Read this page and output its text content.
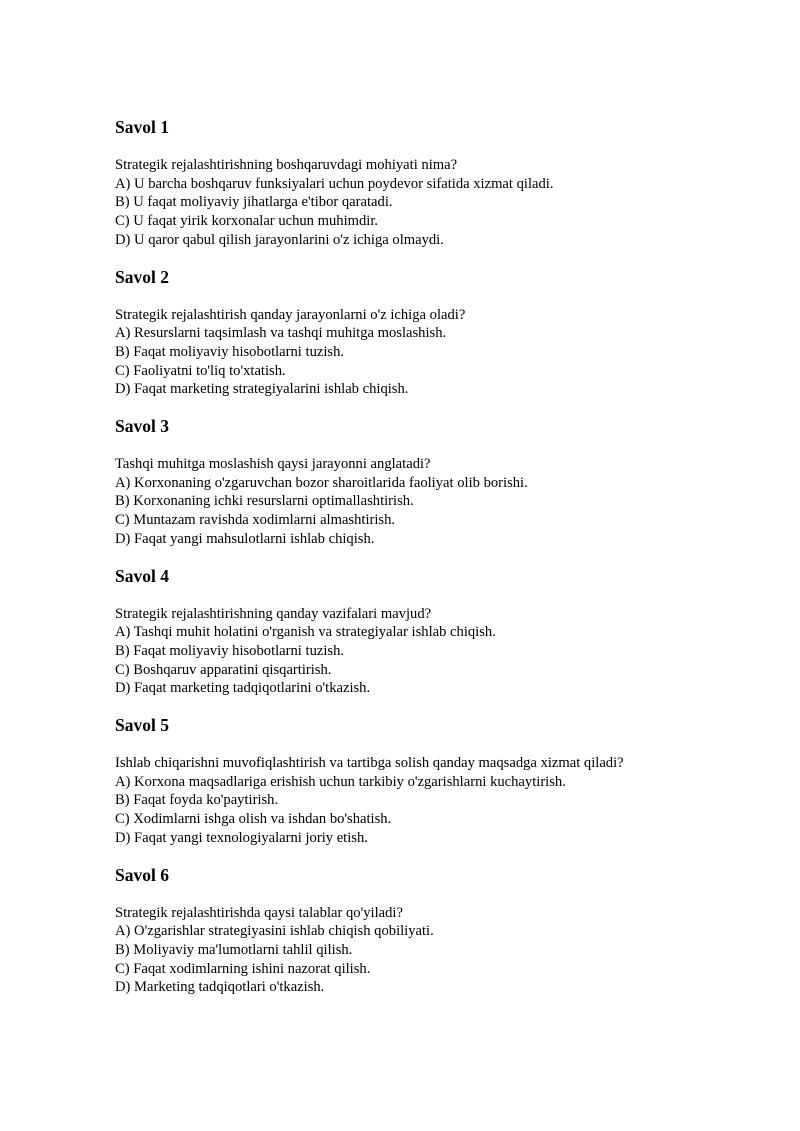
Savol 1

Strategik rejalashtirishning boshqaruvdagi mohiyati nima?

A) U barcha boshqaruv funksiyalari uchun poydevor sifatida xizmat qiladi.

B) U faqat moliyaviy jihatlarga e'tibor qaratadi.

C) U faqat yirik korxonalar uchun muhimdir.

D) U qaror qabul qilish jarayonlarini o'z ichiga olmaydi.

Savol 2

Strategik rejalashtirish qanday jarayonlarni o'z ichiga oladi?

A) Resurslarni taqsimlash va tashqi muhitga moslashish.

B) Faqat moliyaviy hisobotlarni tuzish.

C) Faoliyatni to'liq to'xtatish.

D) Faqat marketing strategiyalarini ishlab chiqish.

Savol 3

Tashqi muhitga moslashish qaysi jarayonni anglatadi?

A) Korxonaning o'zgaruvchan bozor sharoitlarida faoliyat olib borishi.

B) Korxonaning ichki resurslarni optimallashtirish.

C) Muntazam ravishda xodimlarni almashtirish.

D) Faqat yangi mahsulotlarni ishlab chiqish.

Savol 4

Strategik rejalashtirishning qanday vazifalari mavjud?

A) Tashqi muhit holatini o'rganish va strategiyalar ishlab chiqish.

B) Faqat moliyaviy hisobotlarni tuzish.

C) Boshqaruv apparatini qisqartirish.

D) Faqat marketing tadqiqotlarini o'tkazish.

Savol 5

Ishlab chiqarishni muvofiqlashtirish va tartibga solish qanday maqsadga xizmat qiladi?

A) Korxona maqsadlariga erishish uchun tarkibiy o'zgarishlarni kuchaytirish.

B) Faqat foyda ko'paytirish.

C) Xodimlarni ishga olish va ishdan bo'shatish.

D) Faqat yangi texnologiyalarni joriy etish.

Savol 6

Strategik rejalashtirishda qaysi talablar qo'yiladi?

A) O'zgarishlar strategiyasini ishlab chiqish qobiliyati.

B) Moliyaviy ma'lumotlarni tahlil qilish.

C) Faqat xodimlarning ishini nazorat qilish.

D) Marketing tadqiqotlari o'tkazish.
